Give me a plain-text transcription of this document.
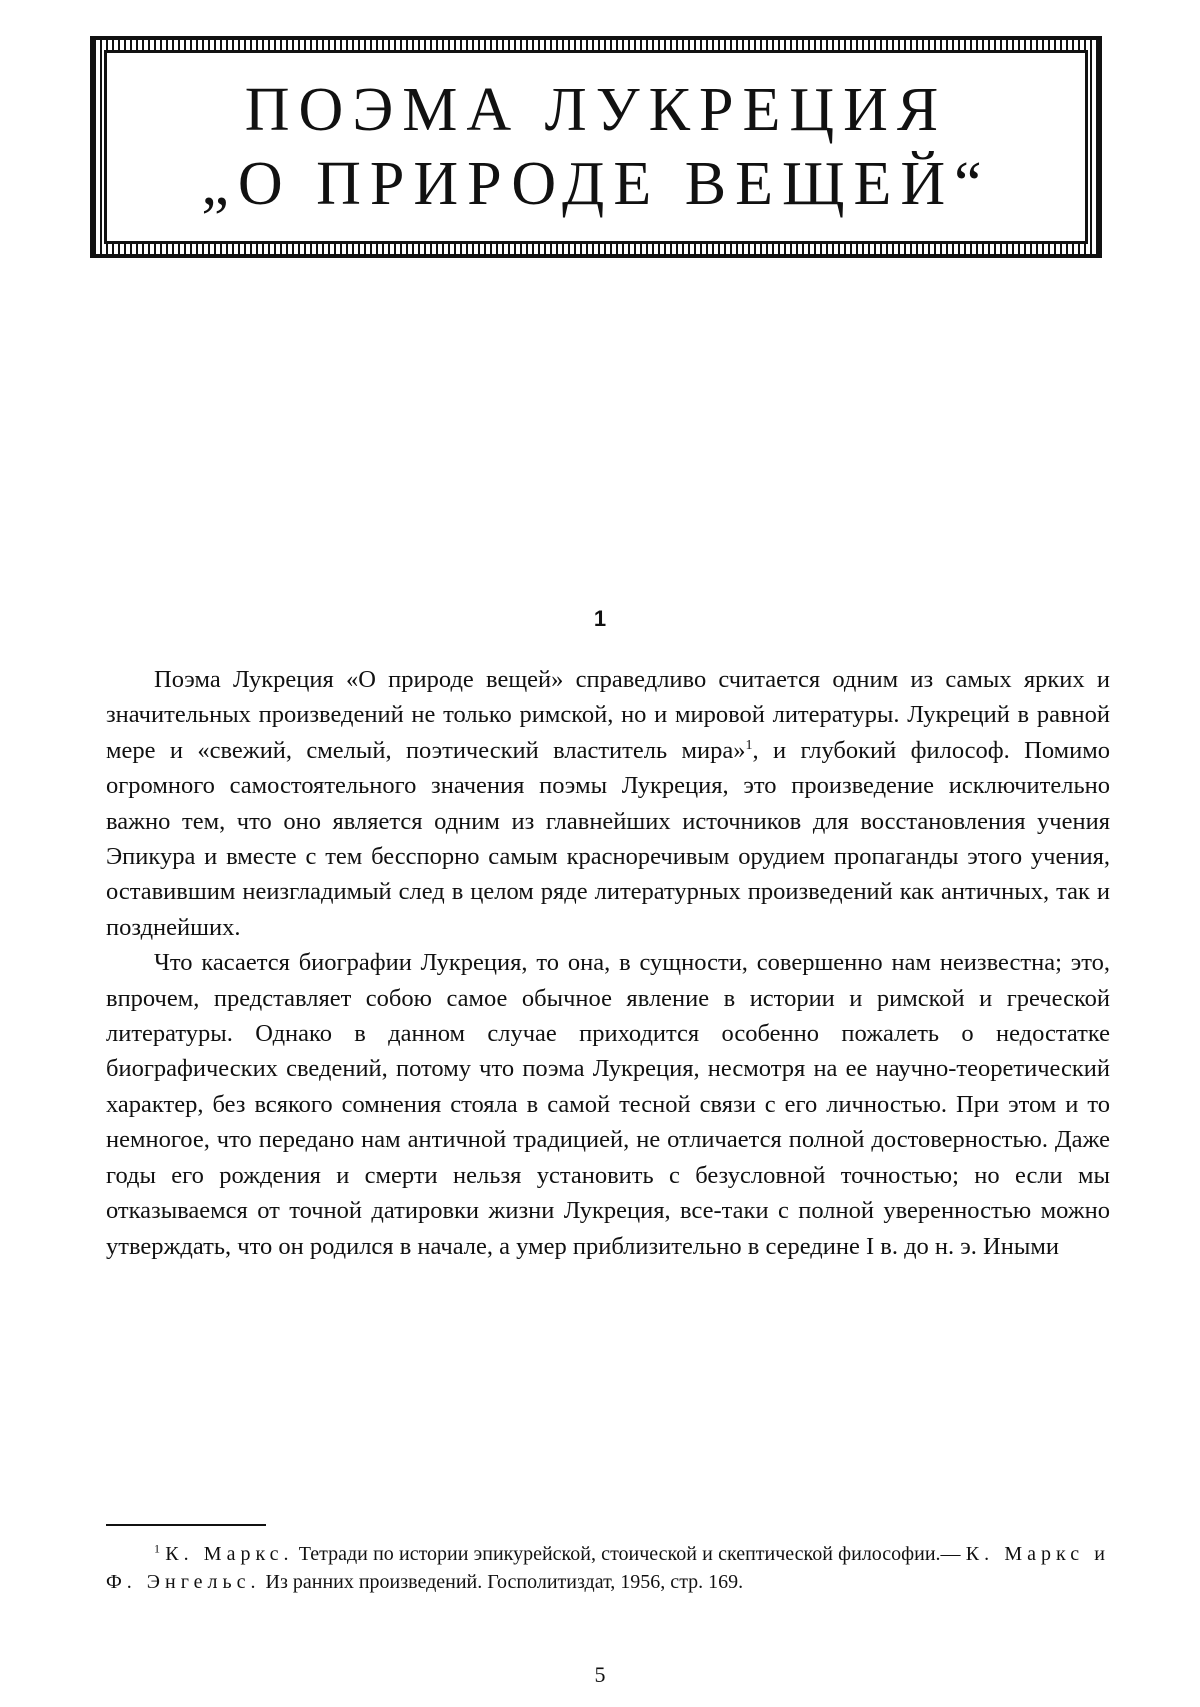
ПОЭМА ЛУКРЕЦИЯ
„О ПРИРОДЕ ВЕЩЕЙ“
1

Поэма Лукреция «О природе вещей» справедливо считается одним из самых ярких и значительных произведений не только римской, но и мировой литературы. Лукреций в равной мере и «свежий, смелый, поэтический властитель мира»$^1$, и глубокий философ. Помимо огромного самостоятельного значения поэмы Лукреция, это произведение исключительно важно тем, что оно является одним из главнейших источников для восстановления учения Эпикура и вместе с тем бесспорно самым красноречивым орудием пропаганды этого учения, оставившим неизгладимый след в целом ряде литературных произведений как античных, так и позднейших.

Что касается биографии Лукреция, то она, в сущности, совершенно нам неизвестна; это, впрочем, представляет собою самое обычное явление в истории и римской и греческой литературы. Однако в данном случае приходится особенно пожалеть о недостатке биографических сведений, потому что поэма Лукреция, несмотря на ее научно-теоретический характер, без всякого сомнения стояла в самой тесной связи с его личностью. При этом и то немногое, что передано нам античной традицией, не отличается полной достоверностью. Даже годы его рождения и смерти нельзя установить с безусловной точностью; но если мы отказываемся от точной датировки жизни Лукреция, все-таки с полной уверенностью можно утверждать, что он родился в начале, а умер приблизительно в середине I в. до н. э. Иными

$^1$ К. Маркс. Тетради по истории эпикурейской, стоической и скептической философии.— К. Маркс и Ф. Энгельс. Из ранних произведений. Госполитиздат, 1956, стр. 169.
5
